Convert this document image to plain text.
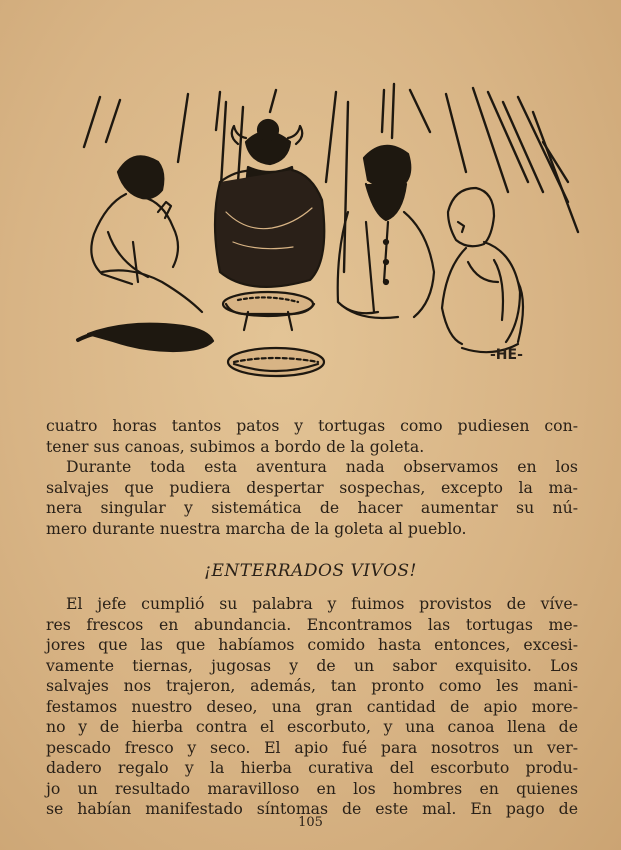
-HE-
cuatro horas tantos patos y tortugas como pudiesen con-
tener sus canoas, subimos a bordo de la goleta.
Durante toda esta aventura nada observamos en los
salvajes que pudiera despertar sospechas, excepto la ma-
nera singular y sistemática de hacer aumentar su nú-
mero durante nuestra marcha de la goleta al pueblo.
¡ENTERRADOS VIVOS!
El jefe cumplió su palabra y fuimos provistos de víve-
res frescos en abundancia. Encontramos las tortugas me-
jores que las que habíamos comido hasta entonces, excesi-
vamente tiernas, jugosas y de un sabor exquisito. Los
salvajes nos trajeron, además, tan pronto como les mani-
festamos nuestro deseo, una gran cantidad de apio more-
no y de hierba contra el escorbuto, y una canoa llena de
pescado fresco y seco. El apio fué para nosotros un ver-
dadero regalo y la hierba curativa del escorbuto produ-
jo un resultado maravilloso en los hombres en quienes
se habían manifestado síntomas de este mal. En pago de
105
